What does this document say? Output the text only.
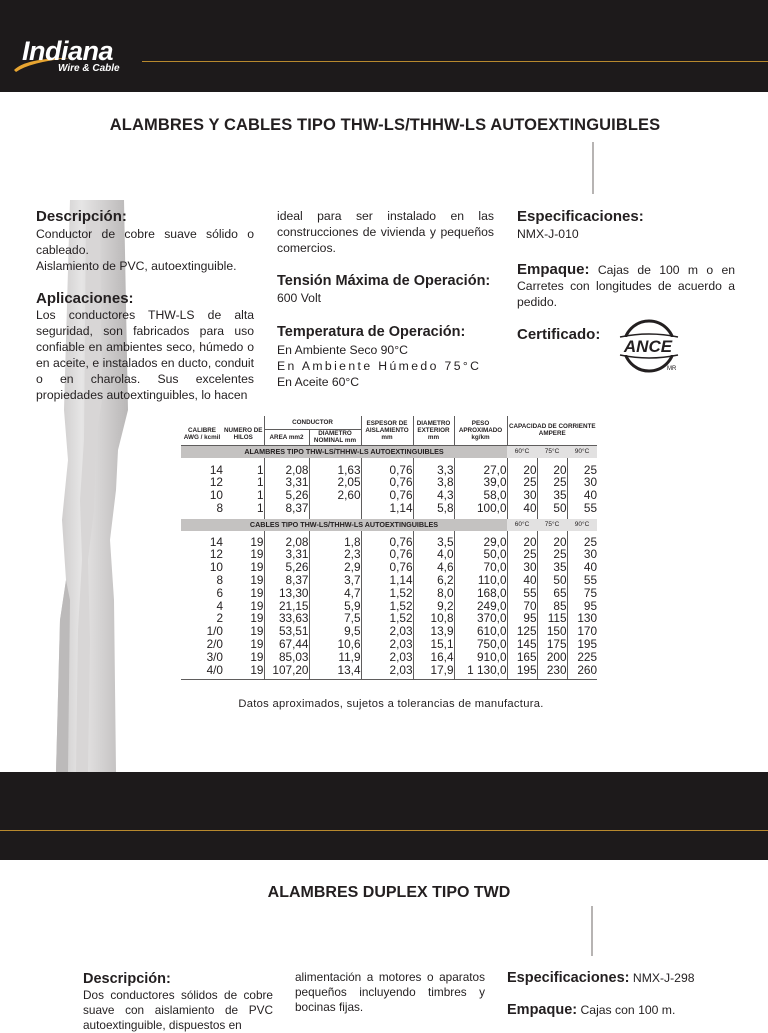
Indiana
Wire & Cable
ALAMBRES Y CABLES TIPO THW-LS/THHW-LS AUTOEXTINGUIBLES
Descripción:
Conductor de cobre suave sólido o cableado.
Aislamiento de PVC, autoextinguible.
Aplicaciones:
Los conductores THW-LS de alta seguridad, son fabricados para uso confiable en ambientes seco, húmedo o en aceite, e instalados en ducto, conduit o en charolas. Sus excelentes propiedades autoextinguibles, lo hacen
ideal para ser instalado en las construcciones de vivienda y pequeños comercios.
Tensión Máxima de Operación:
600 Volt
Temperatura de Operación:
En Ambiente Seco 90°C
En Ambiente Húmedo 75°C
En Aceite 60°C
Especificaciones:
NMX-J-010
Empaque: Cajas de 100 m o en Carretes con longitudes de acuerdo a pedido.
Certificado:
ANCE
MR
CALIBRE AWG / kcmil	NUMERO DE HILOS	CONDUCTOR		ESPESOR DE AISLAMIENTO mm	DIAMETRO EXTERIOR mm	PESO APROXIMADO kg/km	CAPACIDAD DE CORRIENTE AMPERE		
		AREA mm2	DIAMETRO NOMINAL mm						
ALAMBRES TIPO THW-LS/THHW-LS AUTOEXTINGUIBLES							60°C	75°C	90°C

14	1	2,08	1,63	0,76	3,3	27,0	20	20	25
12	1	3,31	2,05	0,76	3,8	39,0	25	25	30
10	1	5,26	2,60	0,76	4,3	58,0	30	35	40
8	1	8,37		1,14	5,8	100,0	40	50	55

CABLES TIPO THW-LS/THHW-LS AUTOEXTINGUIBLES							60°C	75°C	90°C

14	19	2,08	1,8	0,76	3,5	29,0	20	20	25
12	19	3,31	2,3	0,76	4,0	50,0	25	25	30
10	19	5,26	2,9	0,76	4,6	70,0	30	35	40
8	19	8,37	3,7	1,14	6,2	110,0	40	50	55
6	19	13,30	4,7	1,52	8,0	168,0	55	65	75
4	19	21,15	5,9	1,52	9,2	249,0	70	85	95
2	19	33,63	7,5	1,52	10,8	370,0	95	115	130
1/0	19	53,51	9,5	2,03	13,9	610,0	125	150	170
2/0	19	67,44	10,6	2,03	15,1	750,0	145	175	195
3/0	19	85,03	11,9	2,03	16,4	910,0	165	200	225
4/0	19	107,20	13,4	2,03	17,9	1 130,0	195	230	260

Datos aproximados, sujetos a tolerancias de manufactura.
ALAMBRES DUPLEX TIPO TWD
Descripción:
Dos conductores sólidos de cobre suave con aislamiento de PVC autoextinguible, dispuestos en
alimentación a motores o aparatos pequeños incluyendo timbres y bocinas fijas.
Especificaciones: NMX-J-298
Empaque: Cajas con 100 m.
